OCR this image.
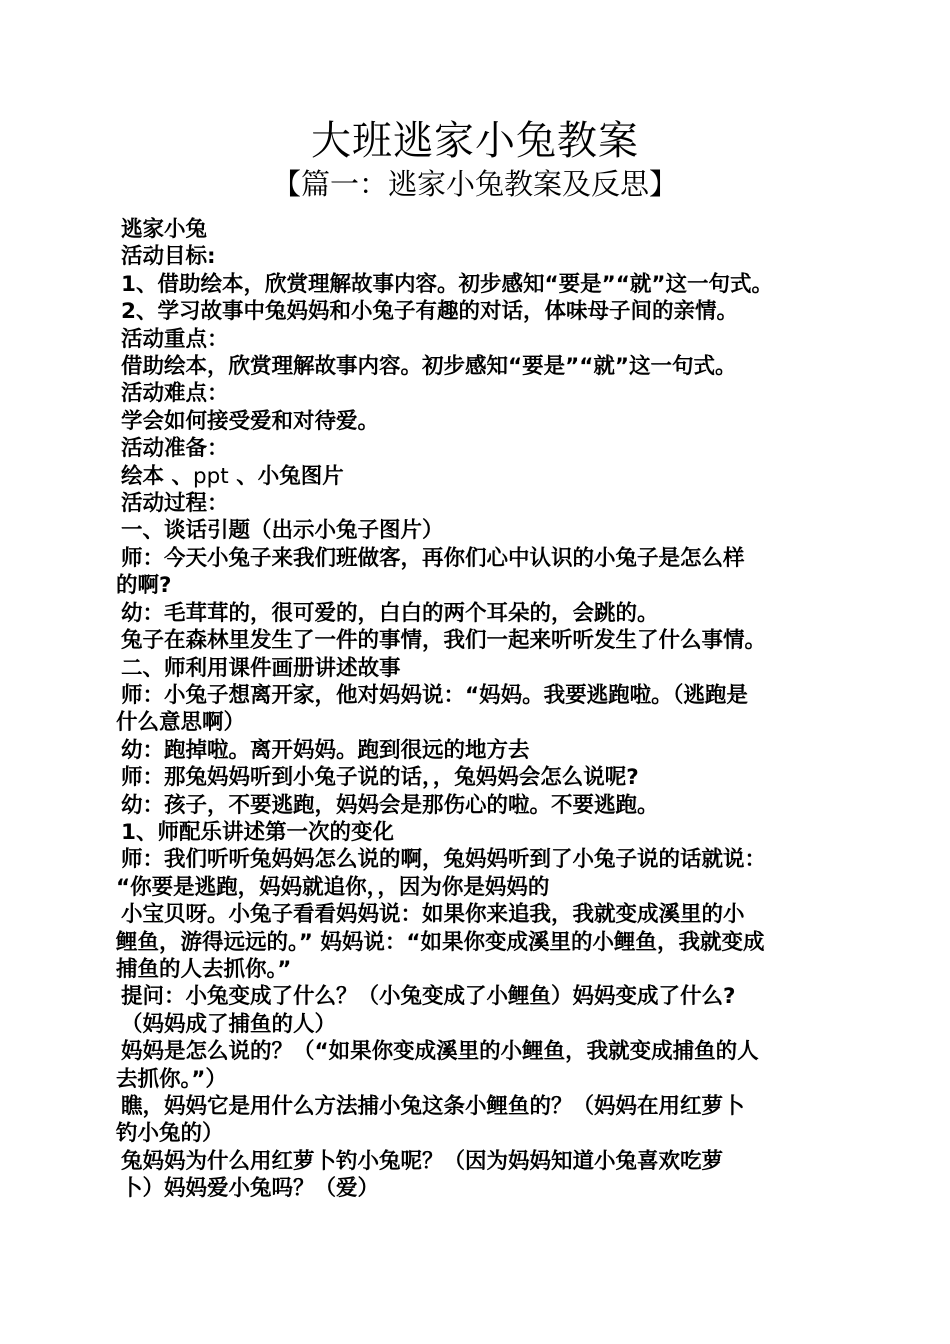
大班逃家小兔教案
【篇一：逃家小兔教案及反思】

逃家小兔

活动目标:

1、借助绘本，欣赏理解故事内容。初步感知“要是”“就”这一句式。

2、学习故事中兔妈妈和小兔子有趣的对话，体味母子间的亲情。

活动重点：

借助绘本，欣赏理解故事内容。初步感知“要是”“就”这一句式。

活动难点：

学会如何接受爱和对待爱。

活动准备：

绘本 、ppt 、小兔图片

活动过程：

一、谈话引题（出示小兔子图片）

师：今天小兔子来我们班做客，再你们心中认识的小兔子是怎么样

的啊?

幼：毛茸茸的，很可爱的，白白的两个耳朵的，会跳的。

兔子在森林里发生了一件的事情，我们一起来听听发生了什么事情。

二、师利用课件画册讲述故事

师：小兔子想离开家，他对妈妈说：“妈妈。我要逃跑啦。（逃跑是

什么意思啊）

幼：跑掉啦。离开妈妈。跑到很远的地方去

师：那兔妈妈听到小兔子说的话，，兔妈妈会怎么说呢?

幼：孩子，不要逃跑，妈妈会是那伤心的啦。不要逃跑。

1、师配乐讲述第一次的变化

师：我们听听兔妈妈怎么说的啊，兔妈妈听到了小兔子说的话就说：

“你要是逃跑，妈妈就追你，，因为你是妈妈的

小宝贝呀。小兔子看看妈妈说：如果你来追我，我就变成溪里的小

鲤鱼，游得远远的。” 妈妈说：“如果你变成溪里的小鲤鱼，我就变成

捕鱼的人去抓你。”

提问：小兔变成了什么？（小兔变成了小鲤鱼）妈妈变成了什么?

（妈妈成了捕鱼的人）

妈妈是怎么说的？（“如果你变成溪里的小鲤鱼，我就变成捕鱼的人

去抓你。”）

瞧，妈妈它是用什么方法捕小兔这条小鲤鱼的？（妈妈在用红萝卜

钓小兔的）

兔妈妈为什么用红萝卜钓小兔呢？（因为妈妈知道小兔喜欢吃萝

卜）妈妈爱小兔吗？（爱）
